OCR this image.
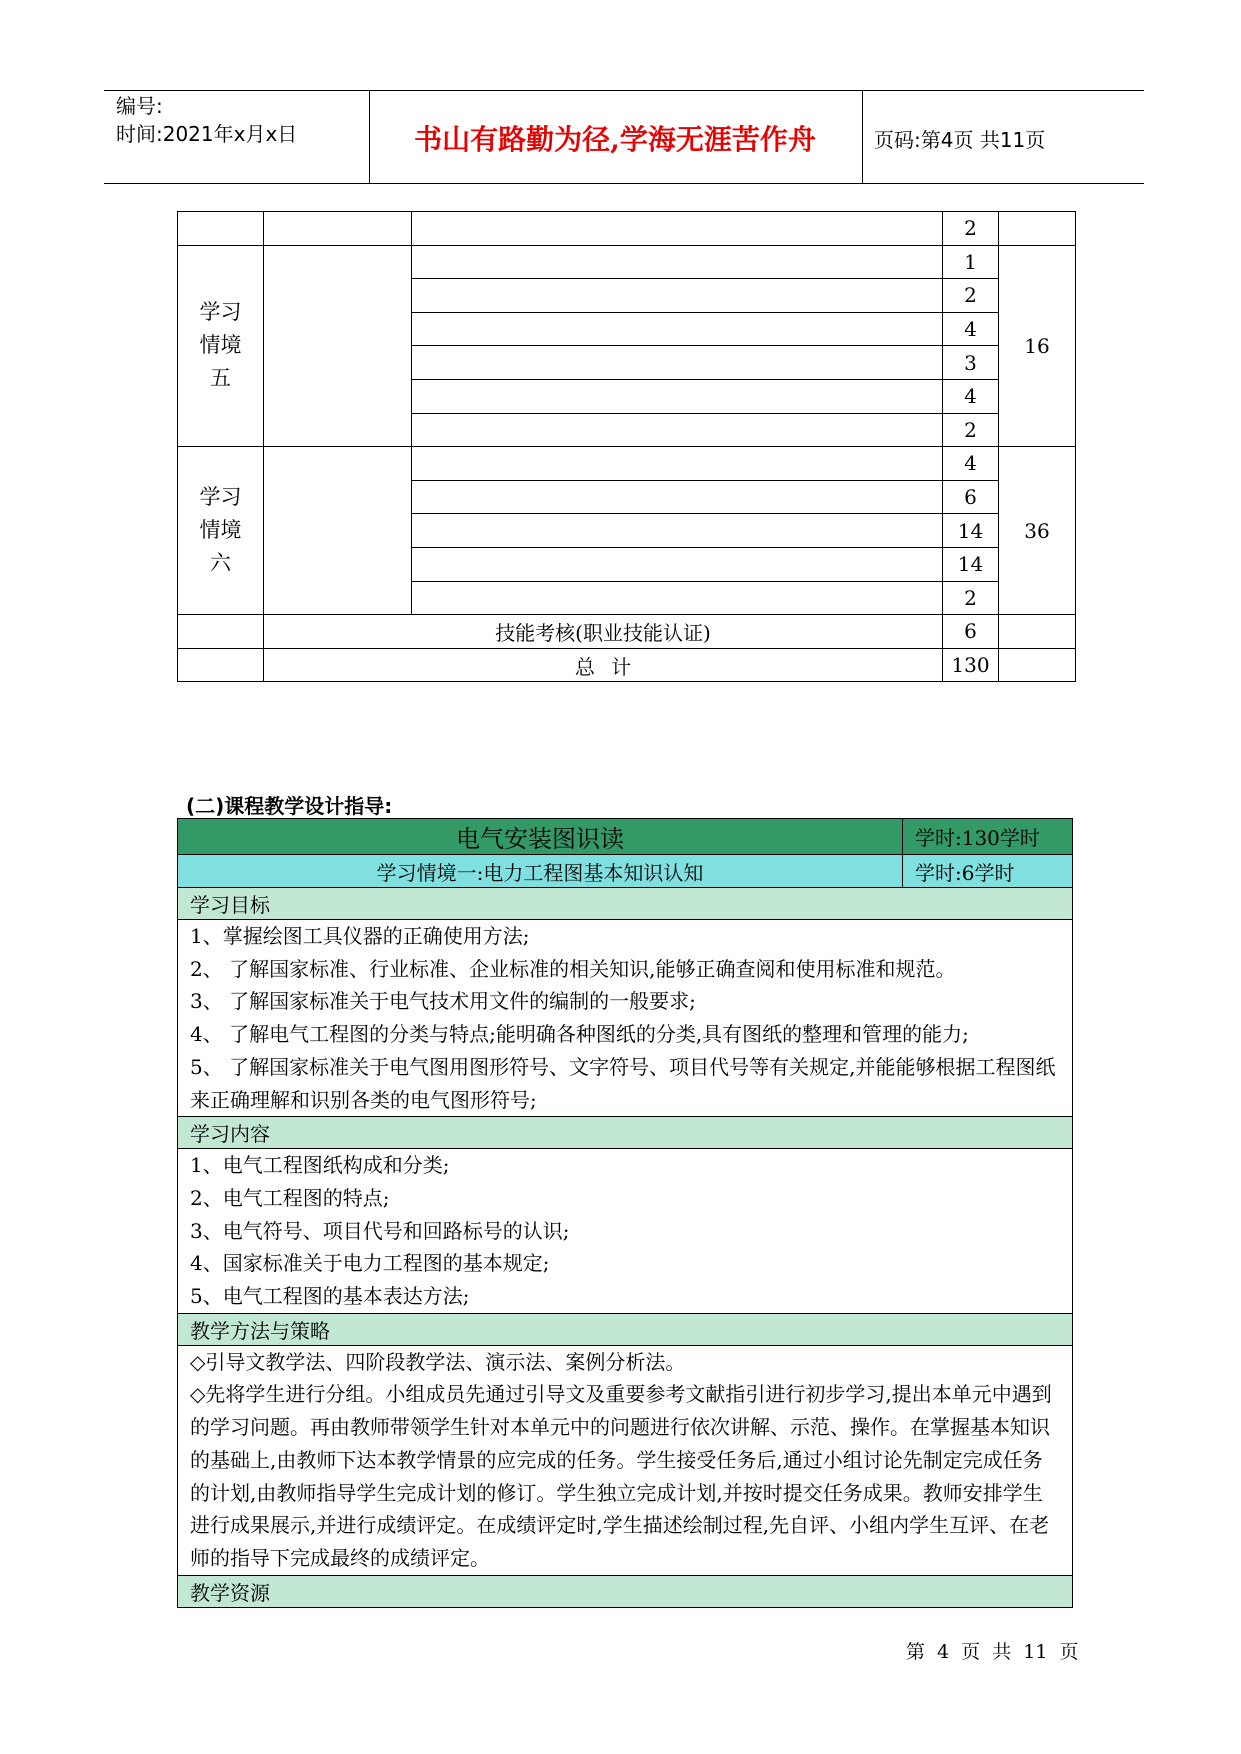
编号:
时间:2021年x月x日	书山有路勤为径,学海无涯苦作舟	页码:第4页 共11页
			2	

学习
情境
五			1	16
			2	
			4	
			3	
			4	
			2	

学习
情境
六			4	36
			6	
			14	
			14	
			2	
	技能考核(职业技能认证)		6	
	总 计		130	
(二)课程教学设计指导:
电气安装图识读	学时:130学时
学习情境一:电力工程图基本知识认知	学时:6学时
学习目标	

1、掌握绘图工具仪器的正确使用方法;

2、 了解国家标准、行业标准、企业标准的相关知识,能够正确查阅和使用标准和规范。

3、 了解国家标准关于电气技术用文件的编制的一般要求;

4、 了解电气工程图的分类与特点;能明确各种图纸的分类,具有图纸的整理和管理的能力;

5、 了解国家标准关于电气图用图形符号、文字符号、项目代号等有关规定,并能能够根据工程图纸来正确理解和识别各类的电气图形符号;	

学习内容	

1、电气工程图纸构成和分类;

2、电气工程图的特点;

3、电气符号、项目代号和回路标号的认识;

4、国家标准关于电力工程图的基本规定;

5、电气工程图的基本表达方法;	

教学方法与策略	

◇引导文教学法、四阶段教学法、演示法、案例分析法。

◇先将学生进行分组。小组成员先通过引导文及重要参考文献指引进行初步学习,提出本单元中遇到的学习问题。再由教师带领学生针对本单元中的问题进行依次讲解、示范、操作。在掌握基本知识的基础上,由教师下达本教学情景的应完成的任务。学生接受任务后,通过小组讨论先制定完成任务的计划,由教师指导学生完成计划的修订。学生独立完成计划,并按时提交任务成果。教师安排学生进行成果展示,并进行成绩评定。在成绩评定时,学生描述绘制过程,先自评、小组内学生互评、在老师的指导下完成最终的成绩评定。	

教学资源	
第 4 页 共 11 页
